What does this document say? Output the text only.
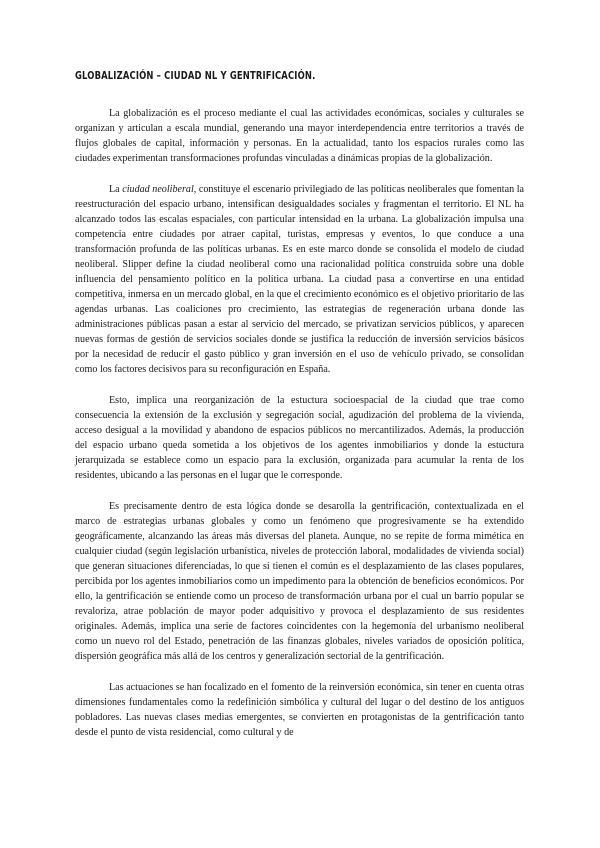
GLOBALIZACIÓN – CIUDAD NL Y GENTRIFICACIÓN.

La globalización es el proceso mediante el cual las actividades económicas, sociales y culturales se organizan y articulan a escala mundial, generando una mayor interdependencia entre territorios a través de flujos globales de capital, información y personas. En la actualidad, tanto los espacios rurales como las ciudades experimentan transformaciones profundas vinculadas a dinámicas propias de la globalización.

La ciudad neoliberal, constituye el escenario privilegiado de las políticas neoliberales que fomentan la reestructuración del espacio urbano, intensifican desigualdades sociales y fragmentan el territorio. El NL ha alcanzado todos las escalas espaciales, con particular intensidad en la urbana. La globalización impulsa una competencia entre ciudades por atraer capital, turistas, empresas y eventos, lo que conduce a una transformación profunda de las políticas urbanas. Es en este marco donde se consolida el modelo de ciudad neoliberal. Slipper define la ciudad neoliberal como una racionalidad política construida sobre una doble influencia del pensamiento político en la política urbana. La ciudad pasa a convertirse en una entidad competitiva, inmersa en un mercado global, en la que el crecimiento económico es el objetivo prioritario de las agendas urbanas. Las coaliciones pro crecimiento, las estrategias de regeneración urbana donde las administraciones públicas pasan a estar al servicio del mercado, se privatizan servicios públicos, y aparecen nuevas formas de gestión de servicios sociales donde se justifica la reducción de inversión servicios básicos por la necesidad de reducir el gasto público y gran inversión en el uso de vehículo privado, se consolidan como los factores decisivos para su reconfiguración en España.

Esto, implica una reorganización de la estuctura socioespacial de la ciudad que trae como consecuencia la extensión de la exclusión y segregación social, agudización del problema de la vivienda, acceso desigual a la movilidad y abandono de espacios públicos no mercantilizados. Además, la producción del espacio urbano queda sometida a los objetivos de los agentes inmobiliarios y donde la estuctura jerarquizada se establece como un espacio para la exclusión, organizada para acumular la renta de los residentes, ubicando a las personas en el lugar que le corresponde.

Es precisamente dentro de esta lógica donde se desarolla la gentrificación, contextualizada en el marco de estrategias urbanas globales y como un fenómeno que progresivamente se ha extendido geográficamente, alcanzando las áreas más diversas del planeta. Aunque, no se repite de forma mimética en cualquier ciudad (según legislación urbanística, niveles de protección laboral, modalidades de vivienda social) que generan situaciones diferenciadas, lo que sí tienen el común es el desplazamiento de las clases populares, percibida por los agentes inmobiliarios como un impedimento para la obtención de beneficios económicos. Por ello, la gentrificación se entiende como un proceso de transformación urbana por el cual un barrio popular se revaloriza, atrae población de mayor poder adquisitivo y provoca el desplazamiento de sus residentes originales. Además, implica una serie de factores coincidentes con la hegemonía del urbanismo neoliberal como un nuevo rol del Estado, penetración de las finanzas globales, niveles variados de oposición política, dispersión geográfica más allá de los centros y generalización sectorial de la gentrificación.

Las actuaciones se han focalizado en el fomento de la reinversión económica, sin tener en cuenta otras dimensiones fundamentales como la redefinición simbólica y cultural del lugar o del destino de los antiguos pobladores. Las nuevas clases medias emergentes, se convierten en protagonistas de la gentrificación tanto desde el punto de vista residencial, como cultural y de
